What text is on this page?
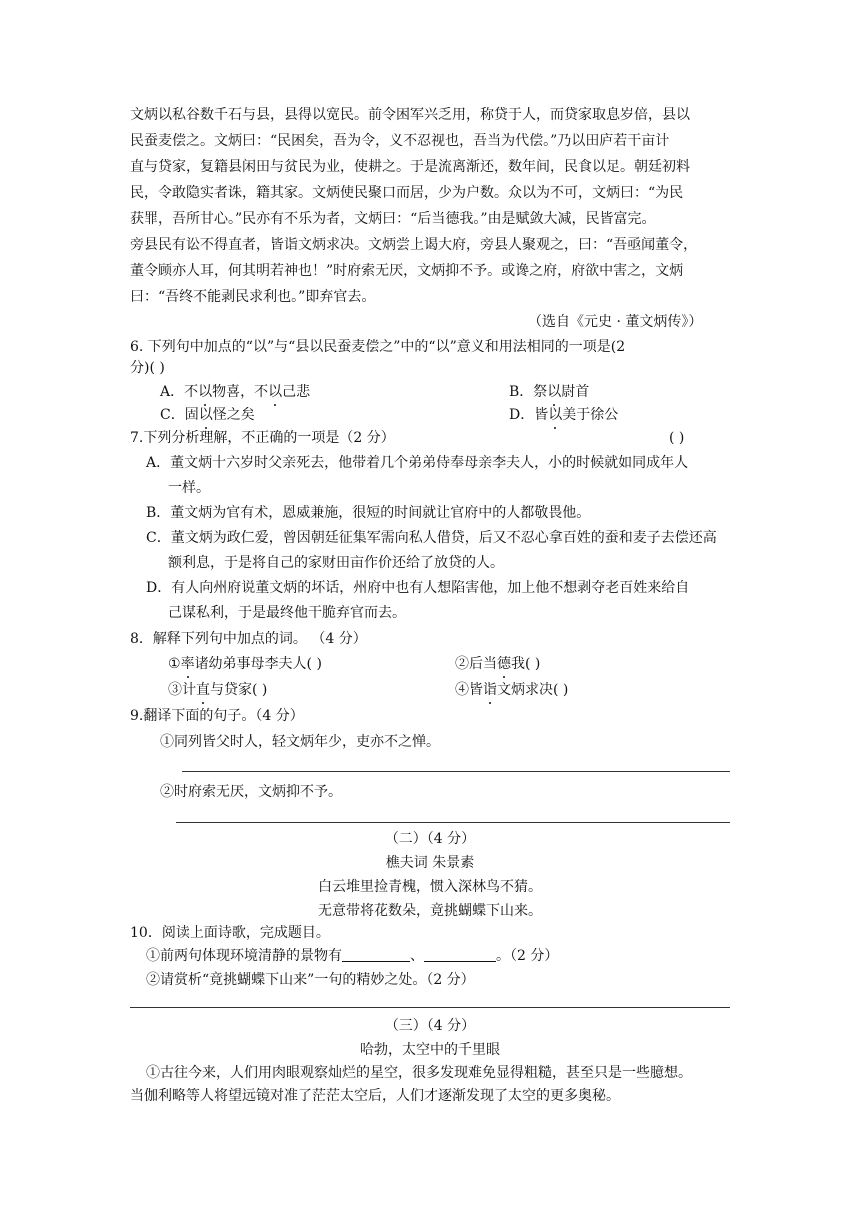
文炳以私谷数千石与县，县得以宽民。前令困军兴乏用，称贷于人，而贷家取息岁倍，县以
民蚕麦偿之。文炳曰：“民困矣，吾为令，义不忍视也，吾当为代偿。”乃以田庐若干亩计
直与贷家，复籍县闲田与贫民为业，使耕之。于是流离渐还，数年间，民食以足。朝廷初料
民，令敢隐实者诛，籍其家。文炳使民聚口而居，少为户数。众以为不可，文炳曰：“为民
获罪，吾所甘心。”民亦有不乐为者，文炳曰：“后当德我。”由是赋敛大减，民皆富完。
旁县民有讼不得直者，皆诣文炳求决。文炳尝上谒大府，旁县人聚观之，曰：“吾亟闻董令，
董令顾亦人耳，何其明若神也！”时府索无厌，文炳抑不予。或谗之府，府欲中害之，文炳
曰：“吾终不能剥民求利也。”即弃官去。
（选自《元史 · 董文炳传》）
6. 下列句中加点的“以”与“县以民蚕麦偿之”中的“以”意义和用法相同的一项是(2
分)( )
A．不以物喜，不以己悲	B．祭以尉首
C．固以怪之矣	D．皆以美于徐公
7.下列分析理解，不正确的一项是（2 分）	( )
A．董文炳十六岁时父亲死去，他带着几个弟弟侍奉母亲李夫人，小的时候就如同成年人
一样。
B．董文炳为官有术，恩威兼施，很短的时间就让官府中的人都敬畏他。
C．董文炳为政仁爱，曾因朝廷征集军需向私人借贷，后又不忍心拿百姓的蚕和麦子去偿还高
额利息，于是将自己的家财田亩作价还给了放贷的人。
D．有人向州府说董文炳的坏话，州府中也有人想陷害他，加上他不想剥夺老百姓来给自
己谋私利，于是最终他干脆弃官而去。
8．解释下列句中加点的词。 （4 分）
①率诸幼弟事母李夫人( )	②后当德我( )
③计直与贷家( )	④皆诣文炳求决( )
9.翻译下面的句子。（4 分）
①同列皆父时人，轻文炳年少，吏亦不之惮。
②时府索无厌，文炳抑不予。
（二）（4 分）
樵夫词 朱景素
白云堆里捡青槐，惯入深林鸟不猜。
无意带将花数朵，竟挑蝴蝶下山来。
10．阅读上面诗歌，完成题目。
①前两句体现环境清静的景物有	、	。（2 分）
②请赏析“竟挑蝴蝶下山来”一句的精妙之处。（2 分）
（三）（4 分）
哈勃，太空中的千里眼
①古往今来，人们用肉眼观察灿烂的星空，很多发现难免显得粗糙，甚至只是一些臆想。
当伽利略等人将望远镜对准了茫茫太空后，人们才逐渐发现了太空的更多奥秘。
